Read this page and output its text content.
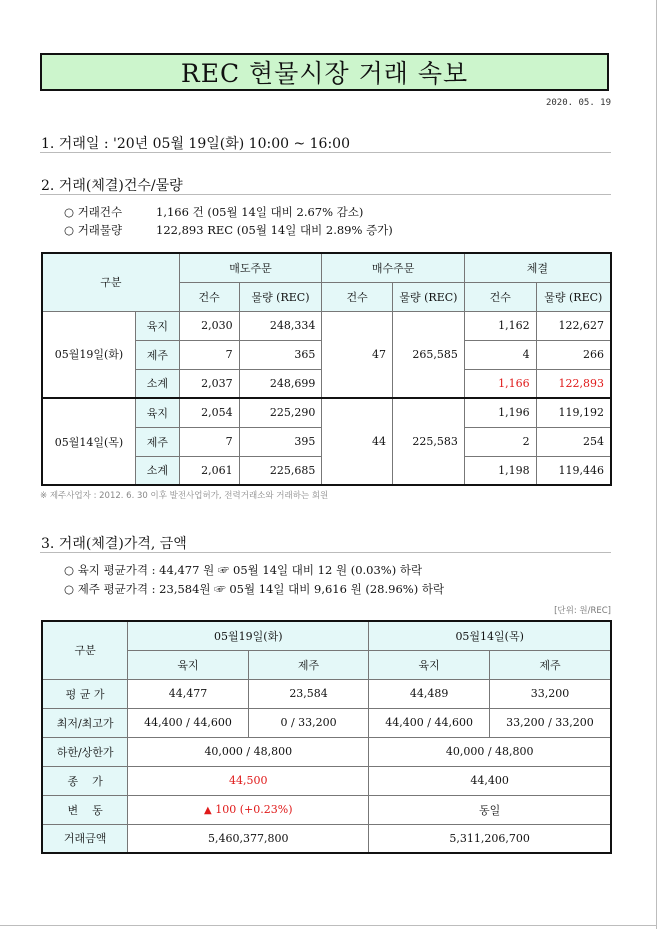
REC 현물시장 거래 속보
2020. 05. 19
1. 거래일 : '20년 05월 19일(화) 10:00 ~ 16:00
2. 거래(체결)건수/물량
○ 거래건수	1,166 건 (05월 14일 대비 2.67% 감소)
○ 거래물량	122,893 REC (05월 14일 대비 2.89% 증가)
구분		매도주문		매수주문		체결	
		건수	물량 (REC)	건수	물량 (REC)	건수	물량 (REC)
05월19일(화)	육지	2,030	248,334	47	265,585	1,162	122,627
	제주	7	365			4	266
	소계	2,037	248,699			1,166	122,893
05월14일(목)	육지	2,054	225,290	44	225,583	1,196	119,192
	제주	7	395			2	254
	소계	2,061	225,685			1,198	119,446
※ 제주사업자 : 2012. 6. 30 이후 발전사업허가, 전력거래소와 거래하는 회원
3. 거래(체결)가격, 금액
○ 육지 평균가격 : 44,477 원 ☞ 05월 14일 대비 12 원 (0.03%) 하락
○ 제주 평균가격 : 23,584원 ☞ 05월 14일 대비 9,616 원 (28.96%) 하락
[단위: 원/REC]
구분	05월19일(화)		05월14일(목)	
	육지	제주	육지	제주
평 균 가	44,477	23,584	44,489	33,200
최저/최고가	44,400 / 44,600	0 / 33,200	44,400 / 44,600	33,200 / 33,200
하한/상한가	40,000 / 48,800		40,000 / 48,800	
종    가	44,500		44,400	
변    동	▲ 100 (+0.23%)		동일	
거래금액	5,460,377,800		5,311,206,700	
